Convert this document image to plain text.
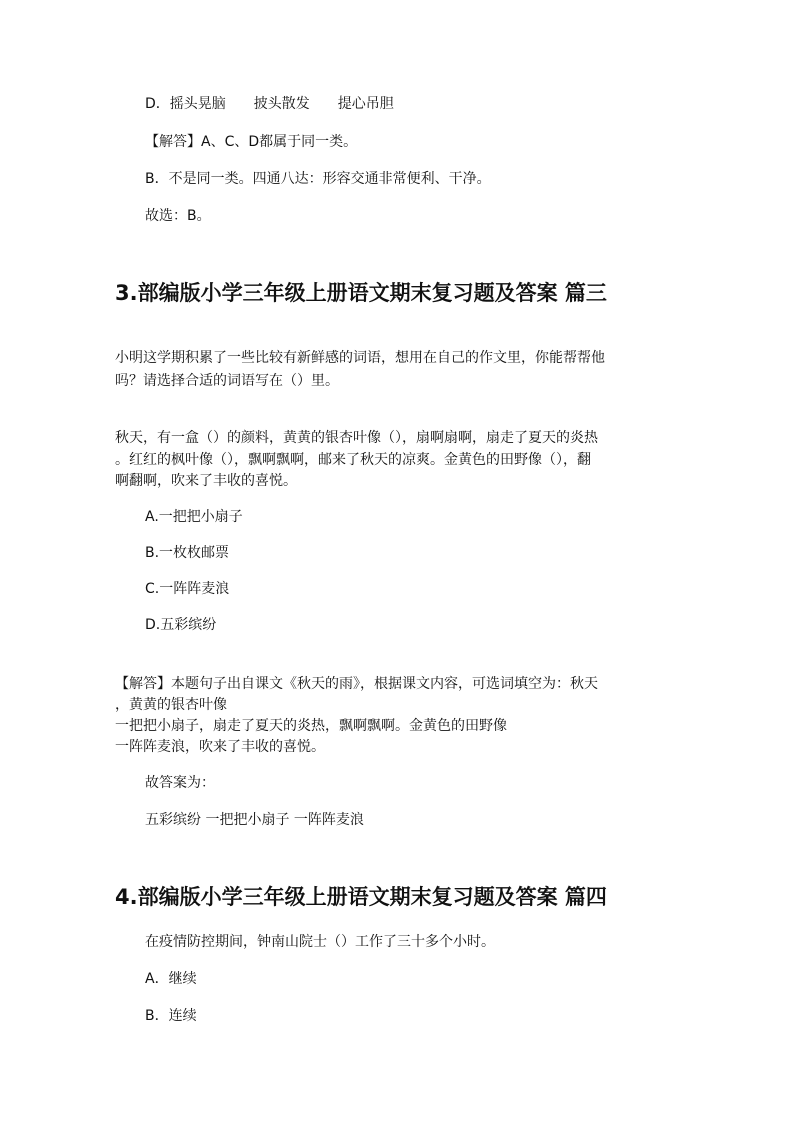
D．摇头晃脑 披头散发 提心吊胆
【解答】A、C、D都属于同一类。
B．不是同一类。四通八达：形容交通非常便利、干净。
故选：B。
3.部编版小学三年级上册语文期末复习题及答案 篇三
小明这学期积累了一些比较有新鲜感的词语，想用在自己的作文里，你能帮帮他
吗？请选择合适的词语写在（）里。
秋天，有一盒（）的颜料，黄黄的银杏叶像（），扇啊扇啊，扇走了夏天的炎热
。红红的枫叶像（），飘啊飘啊，邮来了秋天的凉爽。金黄色的田野像（），翻
啊翻啊，吹来了丰收的喜悦。
A.一把把小扇子
B.一枚枚邮票
C.一阵阵麦浪
D.五彩缤纷
【解答】本题句子出自课文《秋天的雨》，根据课文内容，可选词填空为：秋天
，黄黄的银杏叶像
一把把小扇子，扇走了夏天的炎热，飘啊飘啊。金黄色的田野像
一阵阵麦浪，吹来了丰收的喜悦。
故答案为：
五彩缤纷 一把把小扇子 一阵阵麦浪
4.部编版小学三年级上册语文期末复习题及答案 篇四
在疫情防控期间，钟南山院士（）工作了三十多个小时。
A．继续
B．连续
